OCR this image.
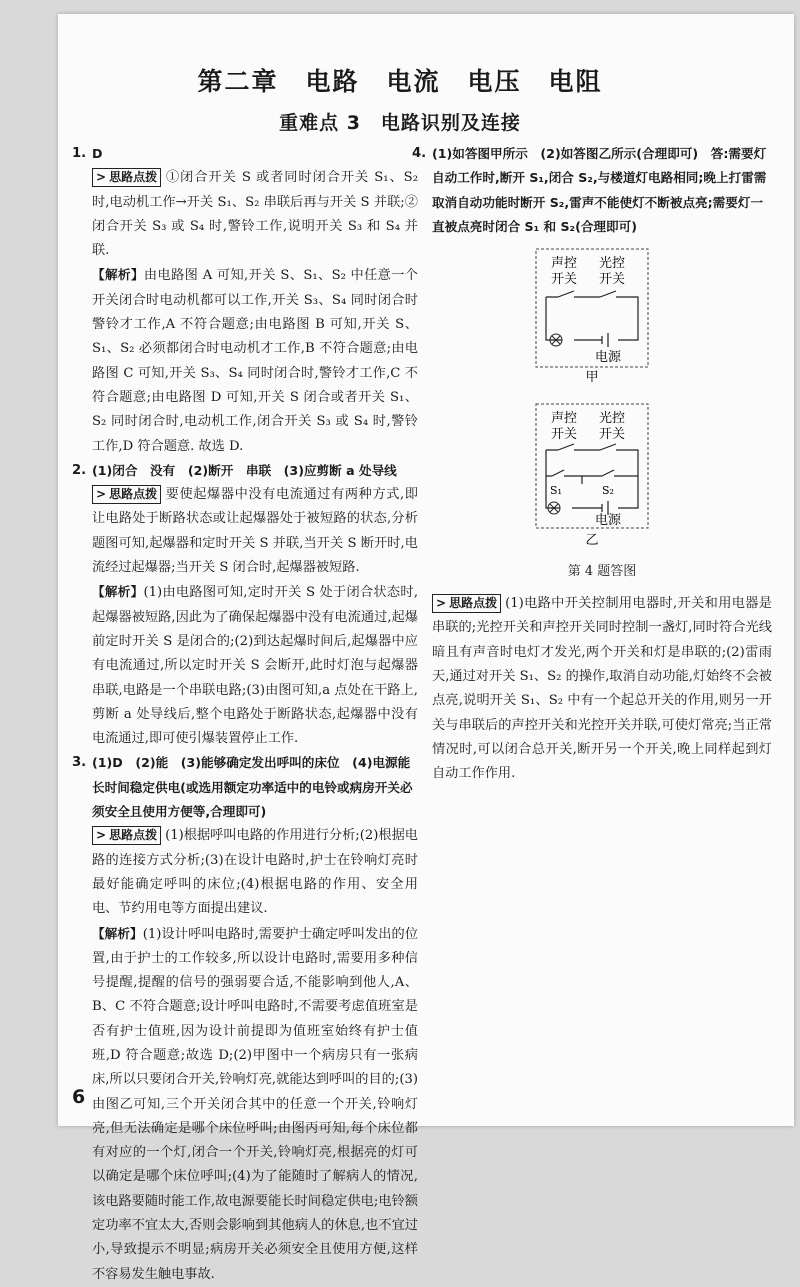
第二章　电路　电流　电压　电阻
重难点 3　电路识别及连接
1. D
> 思路点拨 ①闭合开关 S 或者同时闭合开关 S₁、S₂ 时,电动机工作→开关 S₁、S₂ 串联后再与开关 S 并联;②闭合开关 S₃ 或 S₄ 时,警铃工作,说明开关 S₃ 和 S₄ 并联.
【解析】由电路图 A 可知,开关 S、S₁、S₂ 中任意一个开关闭合时电动机都可以工作,开关 S₃、S₄ 同时闭合时警铃才工作,A 不符合题意;由电路图 B 可知,开关 S、S₁、S₂ 必须都闭合时电动机才工作,B 不符合题意;由电路图 C 可知,开关 S₃、S₄ 同时闭合时,警铃才工作,C 不符合题意;由电路图 D 可知,开关 S 闭合或者开关 S₁、S₂ 同时闭合时,电动机工作,闭合开关 S₃ 或 S₄ 时,警铃工作,D 符合题意. 故选 D.
2. (1)闭合　没有　(2)断开　串联　(3)应剪断 a 处导线
> 思路点拨 要使起爆器中没有电流通过有两种方式,即让电路处于断路状态或让起爆器处于被短路的状态,分析题图可知,起爆器和定时开关 S 并联,当开关 S 断开时,电流经过起爆器;当开关 S 闭合时,起爆器被短路.
【解析】(1)由电路图可知,定时开关 S 处于闭合状态时,起爆器被短路,因此为了确保起爆器中没有电流通过,起爆前定时开关 S 是闭合的;(2)到达起爆时间后,起爆器中应有电流通过,所以定时开关 S 会断开,此时灯泡与起爆器串联,电路是一个串联电路;(3)由图可知,a 点处在干路上,剪断 a 处导线后,整个电路处于断路状态,起爆器中没有电流通过,即可使引爆装置停止工作.
3. (1)D　(2)能　(3)能够确定发出呼叫的床位　(4)电源能长时间稳定供电(或选用额定功率适中的电铃或病房开关必须安全且使用方便等,合理即可)
> 思路点拨 (1)根据呼叫电路的作用进行分析;(2)根据电路的连接方式分析;(3)在设计电路时,护士在铃响灯亮时最好能确定呼叫的床位;(4)根据电路的作用、安全用电、节约用电等方面提出建议.
【解析】(1)设计呼叫电路时,需要护士确定呼叫发出的位置,由于护士的工作较多,所以设计电路时,需要用多种信号提醒,提醒的信号的强弱要合适,不能影响到他人,A、B、C 不符合题意;设计呼叫电路时,不需要考虑值班室是否有护士值班,因为设计前提即为值班室始终有护士值班,D 符合题意;故选 D;(2)甲图中一个病房只有一张病床,所以只要闭合开关,铃响灯亮,就能达到呼叫的目的;(3)由图乙可知,三个开关闭合其中的任意一个开关,铃响灯亮,但无法确定是哪个床位呼叫;由图丙可知,每个床位都有对应的一个灯,闭合一个开关,铃响灯亮,根据亮的灯可以确定是哪个床位呼叫;(4)为了能随时了解病人的情况,该电路要随时能工作,故电源要能长时间稳定供电;电铃额定功率不宜太大,否则会影响到其他病人的休息,也不宜过小,导致提示不明显;病房开关必须安全且使用方便,这样不容易发生触电事故.
4. (1)如答图甲所示　(2)如答图乙所示(合理即可)　答:需要灯自动工作时,断开 S₁,闭合 S₂,与楼道灯电路相同;晚上打雷需取消自动功能时断开 S₂,雷声不能使灯不断被点亮;需要灯一直被点亮时闭合 S₁ 和 S₂(合理即可)
声控
开关
光控
开关
电源
甲
声控
开关
光控
开关
S₁	S₂
电源
乙
第 4 题答图
> 思路点拨 (1)电路中开关控制用电器时,开关和用电器是串联的;光控开关和声控开关同时控制一盏灯,同时符合光线暗且有声音时电灯才发光,两个开关和灯是串联的;(2)雷雨天,通过对开关 S₁、S₂ 的操作,取消自动功能,灯始终不会被点亮,说明开关 S₁、S₂ 中有一个起总开关的作用,则另一开关与串联后的声控开关和光控开关并联,可使灯常亮;当正常情况时,可以闭合总开关,断开另一个开关,晚上同样起到灯自动工作作用.
6
